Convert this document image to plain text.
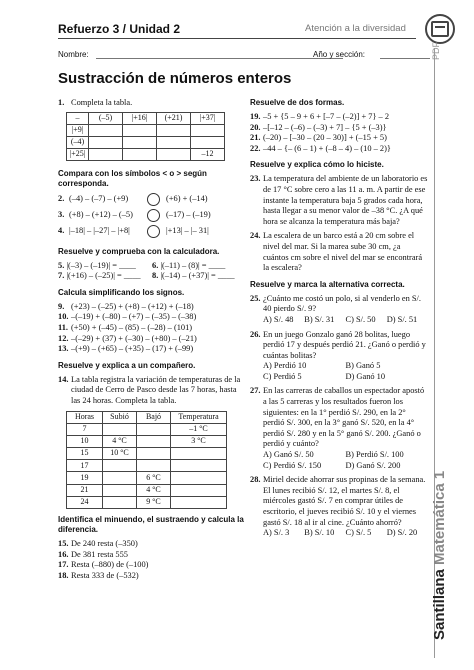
Refuerzo 3 / Unidad 2	Atención a la diversidad
PDF
Santillana Matemática 1
Nombre:	Año y sección:
Sustracción de números enteros
1. Completa la tabla.
–	(–5)	|+16|	(+21)	|+37|
|+9|				
(–4)				
|+25|				–12
Compara con los símbolos < o > según corresponda.
2. (–4) – (–7) – (+9)	(+6) + (–14)
3. (+8) – (+12) – (–5)	(–17) – (–19)
4. |–18| – |–27| – |+8|	|+13| – |– 31|
Resuelve y comprueba con la calculadora.
5. |(–3) – (–19)| = ____	6. |(–11) – (8)| = ____
7. |(+16) – (–25)| = ____	8. |(–14) – (+37)| = ____
Calcula simplificando los signos.
9. (+23) – (–25) + (+8) – (+12) + (–18)
10. –(–19) + (–80) – (+7) – (–35) – (–38)
11. (+50) + (–45) – (85) – (–28) – (101)
12. –(–29) + (37) + (–30) – (+80) – (–21)
13. –(+9) – (+65) – (+35) – (17) + (–99)
Resuelve y explica a un compañero.
14. La tabla registra la variación de temperaturas de la ciudad de Cerro de Pasco desde las 7 horas, hasta las 24 horas. Completa la tabla.
Horas	Subió	Bajó	Temperatura
7			–1 °C
10	4 °C		3 °C
15	10 °C		
17			
19		6 °C	
21		4 °C	
24		9 °C	
Identifica el minuendo, el sustraendo y calcula la diferencia.
15. De 240 resta (–350)
16. De 381 resta 555
17. Resta (–880) de (–100)
18. Resta 333 de (–532)
Resuelve de dos formas.
19. –5 + {5 – 9 + 6 + [–7 – (–2)] + 7} – 2
20. –[–12 – (–6) – (–3) + 7] – {5 + (–3)}
21. (–20) – [–30 – (20 – 30)] + (–15 + 5)
22. –44 – {– (6 – 1) + (–8 – 4) – (10 – 2)}
Resuelve y explica cómo lo hiciste.
23. La temperatura del ambiente de un laboratorio es de 17 °C sobre cero a las 11 a. m. A partir de ese instante la temperatura baja 5 grados cada hora, hasta llegar a su menor valor de –38 °C. ¿A qué hora se alcanza la temperatura más baja?
24. La escalera de un barco está a 20 cm sobre el nivel del mar. Si la marea sube 30 cm, ¿a cuántos cm sobre el nivel del mar se encontrará la escalera?
Resuelve y marca la alternativa correcta.
25. ¿Cuánto me costó un polo, si al venderlo en S/. 40 pierdo S/. 9?
A) S/. 48	B) S/. 31	C) S/. 50	D) S/. 51
26. En un juego Gonzalo ganó 28 bolitas, luego perdió 17 y después perdió 21. ¿Ganó o perdió y cuántas bolitas?
A) Perdió 10	B) Ganó 5
C) Perdió 5	D) Ganó 10
27. En las carreras de caballos un espectador apostó a las 5 carreras y los resultados fueron los siguientes: en la 1° perdió S/. 290, en la 2° perdió S/. 300, en la 3° ganó S/. 520, en la 4° perdió S/. 280 y en la 5° ganó S/. 200. ¿Ganó o perdió y cuánto?
A) Ganó S/. 50	B) Perdió S/. 100
C) Perdió S/. 150	D) Ganó S/. 200
28. Miriel decide ahorrar sus propinas de la semana. El lunes recibió S/. 12, el martes S/. 8, el miércoles gastó S/. 7 en comprar útiles de escritorio, el jueves recibió S/. 10 y el viernes gastó S/. 18 al ir al cine. ¿Cuánto ahorró?
A) S/. 3	B) S/. 10	C) S/. 5	D) S/. 20
